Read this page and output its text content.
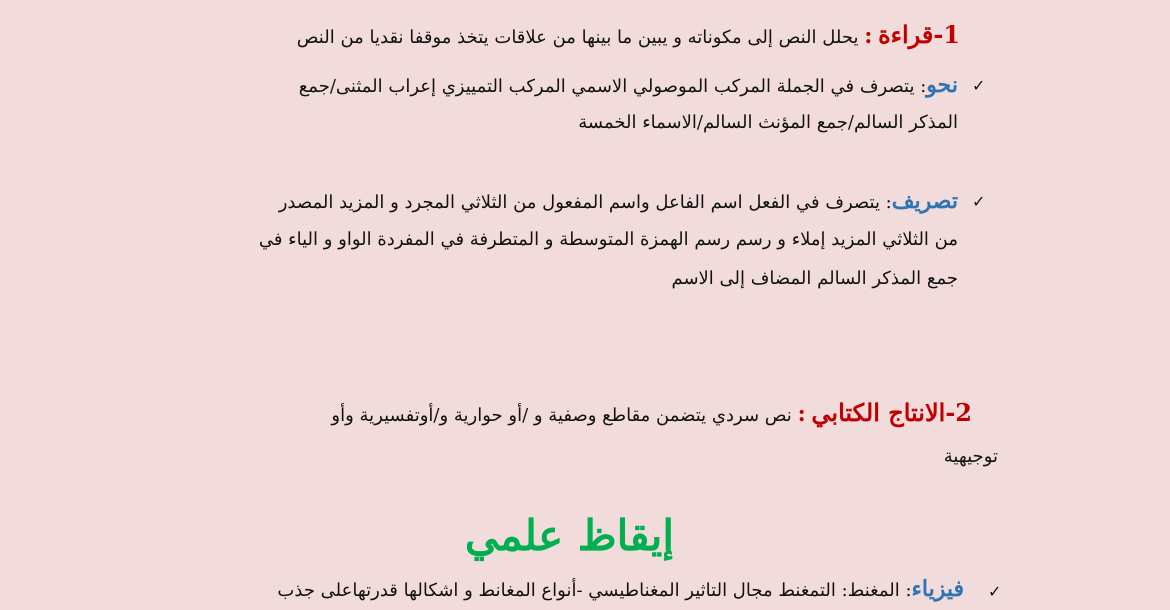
1-قراءة : يحلل النص إلى مكوناته و يبين ما بينها من علاقات يتخذ موقفا نقديا من النص
✓
نحو: يتصرف في الجملة المركب الموصولي الاسمي المركب التمييزي إعراب المثنى/جمع
المذكر السالم/جمع المؤنث السالم/الاسماء الخمسة
✓
تصريف: يتصرف في الفعل اسم الفاعل واسم المفعول من الثلاثي المجرد و المزيد المصدر
من الثلاثي المزيد إملاء و رسم رسم الهمزة المتوسطة و المتطرفة في المفردة الواو و الياء في
جمع المذكر السالم المضاف إلى الاسم
2-الانتاج الكتابي : نص سردي يتضمن مقاطع وصفية و /أو حوارية و/أوتفسيرية وأو
توجيهية
إيقاظ علمي
✓
فيزياء: المغنط: التمغنط مجال التاثير المغناطيسي -أنواع المغانط و اشكالها قدرتهاعلى جذب
